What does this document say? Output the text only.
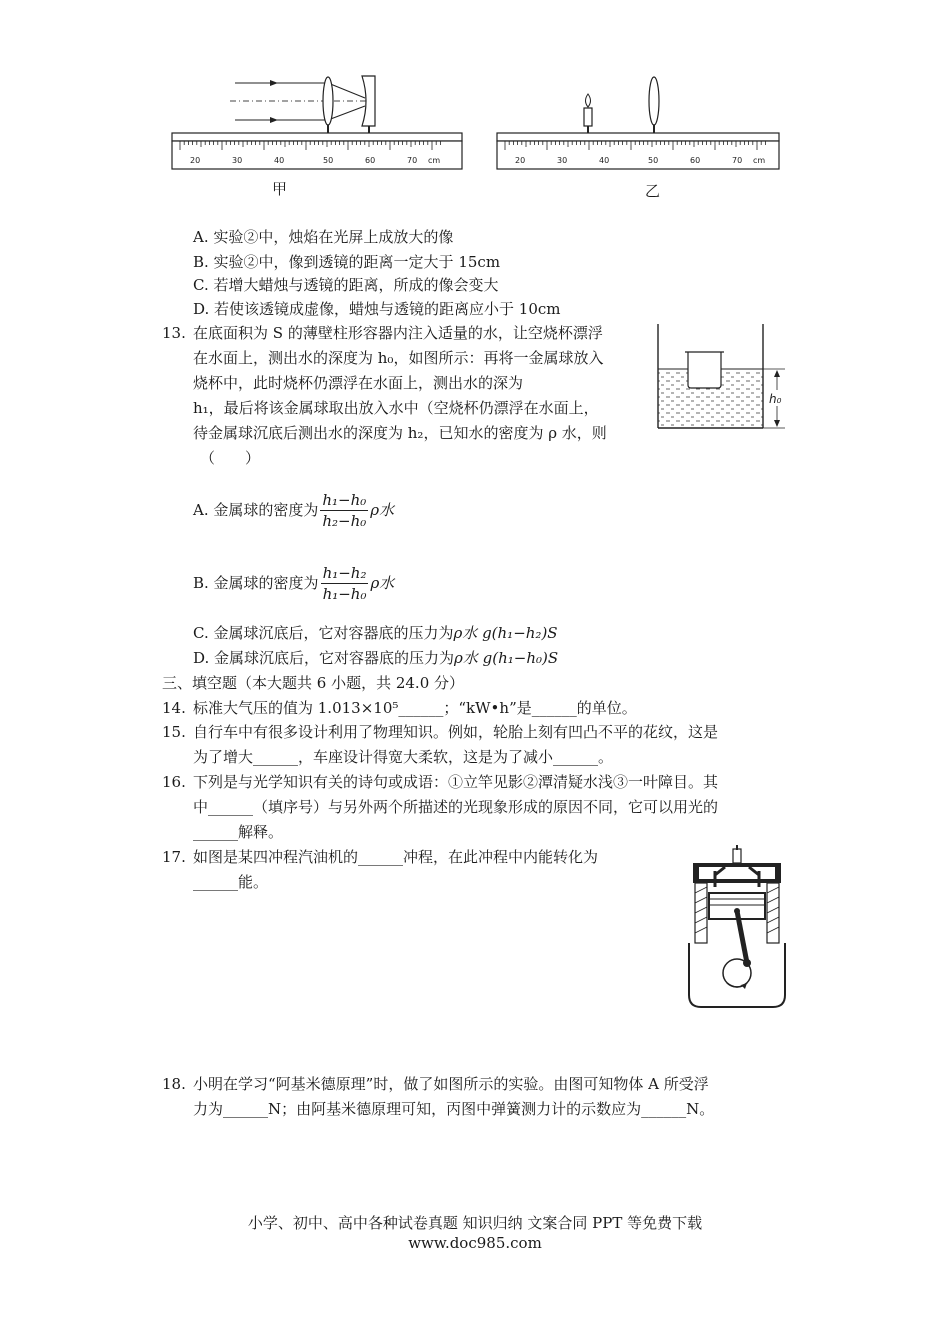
20	30	40	50	60	70 cm
甲
20	30	40	50	60	70 cm
乙
A. 实验②中，烛焰在光屏上成放大的像
B. 实验②中，像到透镜的距离一定大于 15cm
C. 若增大蜡烛与透镜的距离，所成的像会变大
D. 若使该透镜成虚像，蜡烛与透镜的距离应小于 10cm
13. 在底面积为 S 的薄壁柱形容器内注入适量的水，让空烧杯漂浮
在水面上，测出水的深度为 h₀，如图所示：再将一金属球放入
烧杯中，此时烧杯仍漂浮在水面上，测出水的深为
h₁，最后将该金属球取出放入水中（空烧杯仍漂浮在水面上，
待金属球沉底后测出水的深度为 h₂，已知水的密度为 ρ 水，则
（　　）
h₀
A. 金属球的密度为 $\frac{\text{h₁−h₀}}{\text{h₂−h₀}}$ ρ水
B. 金属球的密度为 $\frac{\text{h₁−h₂}}{\text{h₁−h₀}}$ ρ水
C. 金属球沉底后，它对容器底的压力为ρ水 g(h₁−h₂)S
D. 金属球沉底后，它对容器底的压力为ρ水 g(h₁−h₀)S
三、填空题（本大题共 6 小题，共 24.0 分）
14. 标准大气压的值为 1.013×10⁵______；“kW•h”是______的单位。
15. 自行车中有很多设计利用了物理知识。例如，轮胎上刻有凹凸不平的花纹，这是
为了增大______，车座设计得宽大柔软，这是为了减小______。
16. 下列是与光学知识有关的诗句或成语：①立竿见影②潭清疑水浅③一叶障目。其
中______（填序号）与另外两个所描述的光现象形成的原因不同，它可以用光的
______解释。
17. 如图是某四冲程汽油机的______冲程，在此冲程中内能转化为
______能。
18. 小明在学习“阿基米德原理”时，做了如图所示的实验。由图可知物体 A 所受浮
力为______N；由阿基米德原理可知，丙图中弹簧测力计的示数应为______N。
小学、初中、高中各种试卷真题 知识归纳 文案合同 PPT 等免费下载
www.doc985.com
